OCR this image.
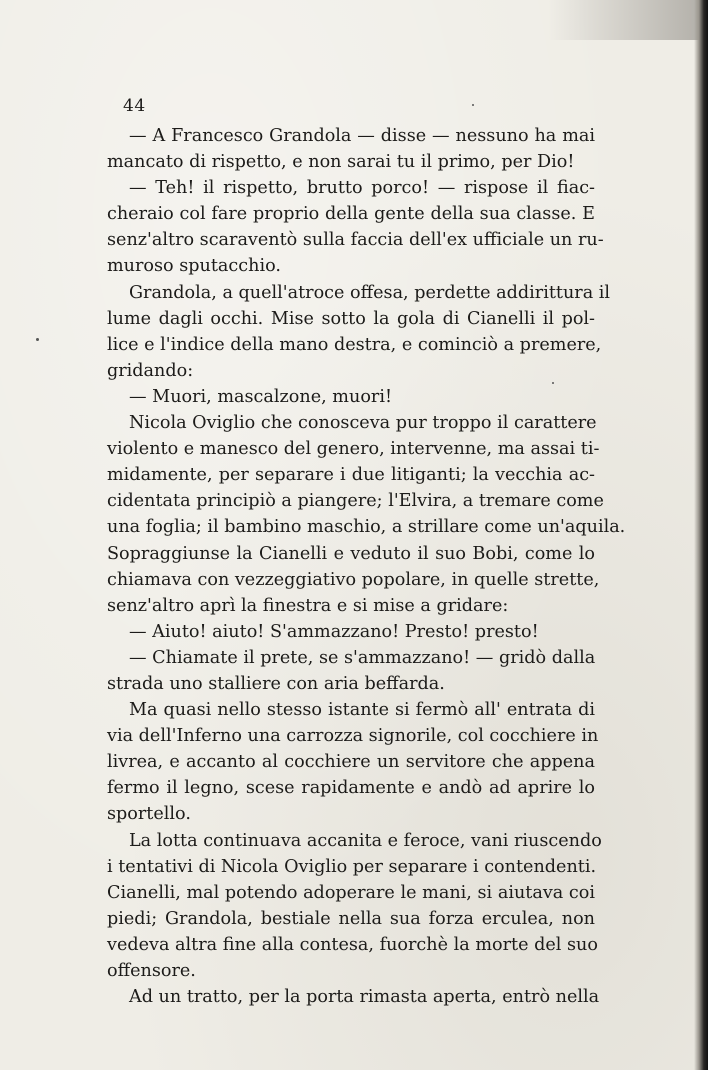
44
— A Francesco Grandola — disse — nessuno ha mai
mancato di rispetto, e non sarai tu il primo, per Dio!
— Teh! il rispetto, brutto porco! — rispose il fiac-
cheraio col fare proprio della gente della sua classe. E
senz'altro scaraventò sulla faccia dell'ex ufficiale un ru-
muroso sputacchio.
Grandola, a quell'atroce offesa, perdette addirittura il
lume dagli occhi. Mise sotto la gola di Cianelli il pol-
lice e l'indice della mano destra, e cominciò a premere,
gridando:
— Muori, mascalzone, muori!
Nicola Oviglio che conosceva pur troppo il carattere
violento e manesco del genero, intervenne, ma assai ti-
midamente, per separare i due litiganti; la vecchia ac-
cidentata principiò a piangere; l'Elvira, a tremare come
una foglia; il bambino maschio, a strillare come un'aquila.
Sopraggiunse la Cianelli e veduto il suo Bobi, come lo
chiamava con vezzeggiativo popolare, in quelle strette,
senz'altro aprì la finestra e si mise a gridare:
— Aiuto! aiuto! S'ammazzano! Presto! presto!
— Chiamate il prete, se s'ammazzano! — gridò dalla
strada uno stalliere con aria beffarda.
Ma quasi nello stesso istante si fermò all' entrata di
via dell'Inferno una carrozza signorile, col cocchiere in
livrea, e accanto al cocchiere un servitore che appena
fermo il legno, scese rapidamente e andò ad aprire lo
sportello.
La lotta continuava accanita e feroce, vani riuscendo
i tentativi di Nicola Oviglio per separare i contendenti.
Cianelli, mal potendo adoperare le mani, si aiutava coi
piedi; Grandola, bestiale nella sua forza erculea, non
vedeva altra fine alla contesa, fuorchè la morte del suo
offensore.
Ad un tratto, per la porta rimasta aperta, entrò nella
